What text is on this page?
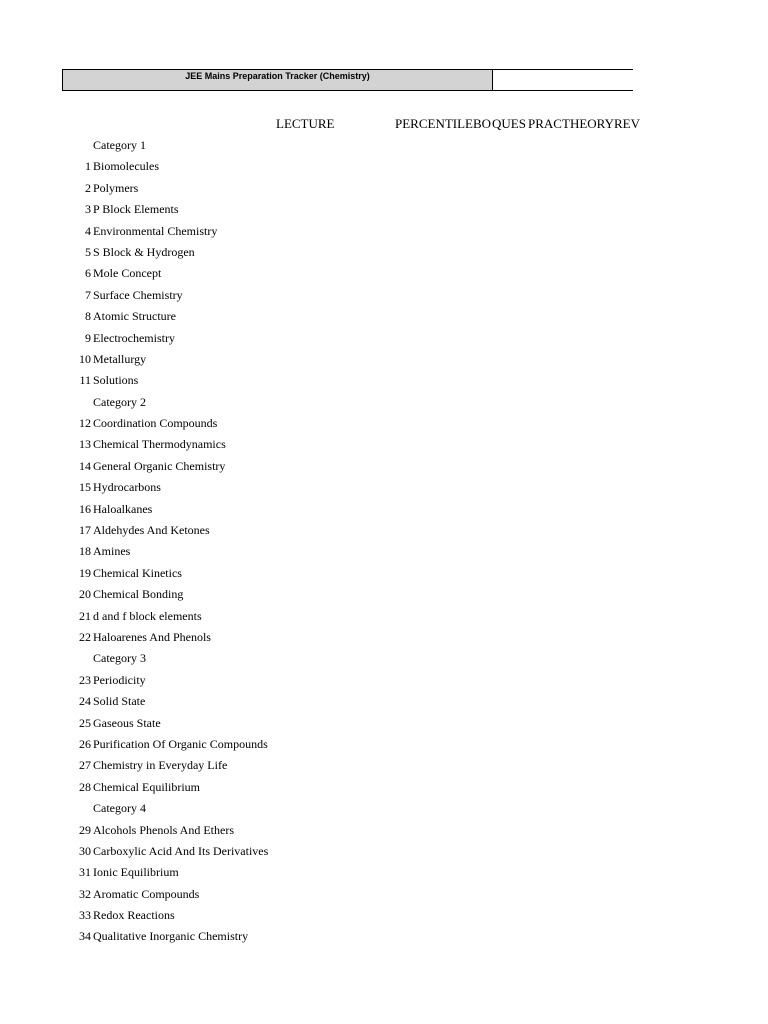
JEE Mains Preparation Tracker (Chemistry)
LECTURE	PERCENTILE BO QUES PRAC THEORY REV
Category 1
1 Biomolecules
2 Polymers
3 P Block Elements
4 Environmental Chemistry
5 S Block & Hydrogen
6 Mole Concept
7 Surface Chemistry
8 Atomic Structure
9 Electrochemistry
10 Metallurgy
11 Solutions
Category 2
12 Coordination Compounds
13 Chemical Thermodynamics
14 General Organic Chemistry
15 Hydrocarbons
16 Haloalkanes
17 Aldehydes And Ketones
18 Amines
19 Chemical Kinetics
20 Chemical Bonding
21 d and f block elements
22 Haloarenes And Phenols
Category 3
23 Periodicity
24 Solid State
25 Gaseous State
26 Purification Of Organic Compounds
27 Chemistry in Everyday Life
28 Chemical Equilibrium
Category 4
29 Alcohols Phenols And Ethers
30 Carboxylic Acid And Its Derivatives
31 Ionic Equilibrium
32 Aromatic Compounds
33 Redox Reactions
34 Qualitative Inorganic Chemistry
